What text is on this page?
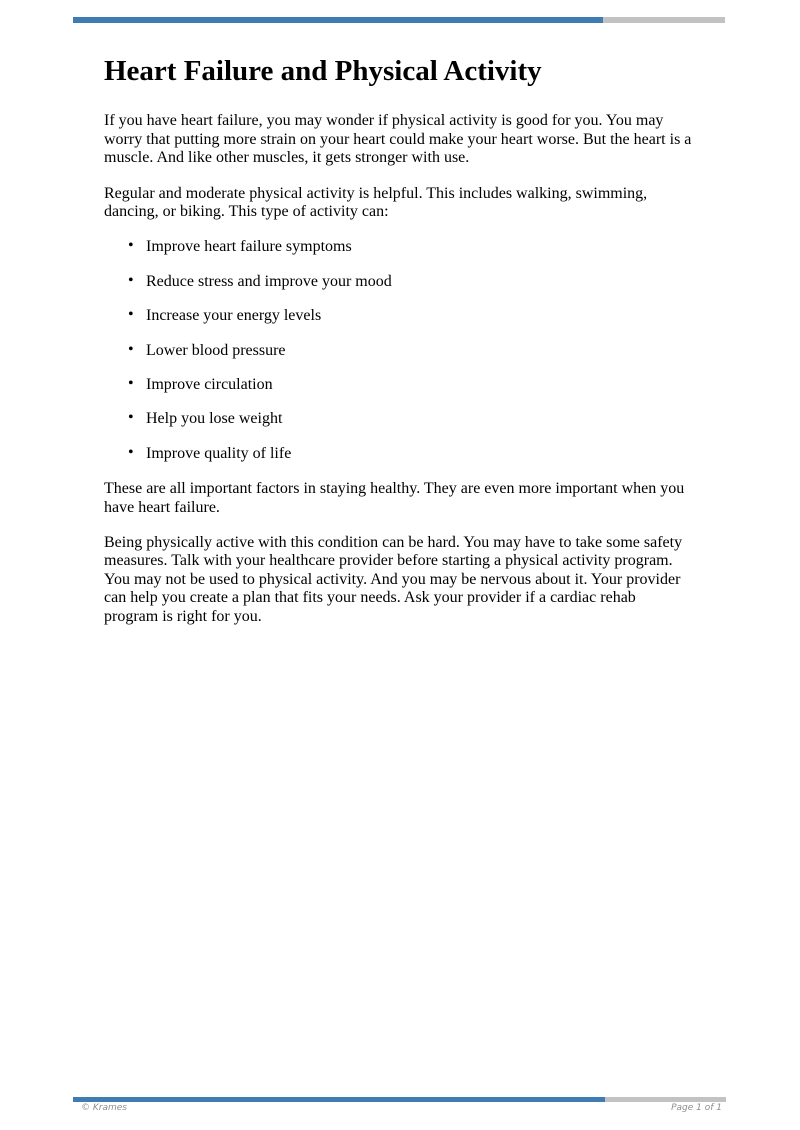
Heart Failure and Physical Activity

If you have heart failure, you may wonder if physical activity is good for you. You may worry that putting more strain on your heart could make your heart worse. But the heart is a muscle. And like other muscles, it gets stronger with use.

Regular and moderate physical activity is helpful. This includes walking, swimming, dancing, or biking. This type of activity can:

• Improve heart failure symptoms
• Reduce stress and improve your mood
• Increase your energy levels
• Lower blood pressure
• Improve circulation
• Help you lose weight
• Improve quality of life

These are all important factors in staying healthy. They are even more important when you have heart failure.

Being physically active with this condition can be hard. You may have to take some safety measures. Talk with your healthcare provider before starting a physical activity program. You may not be used to physical activity. And you may be nervous about it. Your provider can help you create a plan that fits your needs. Ask your provider if a cardiac rehab program is right for you.

© Krames	Page 1 of 1
